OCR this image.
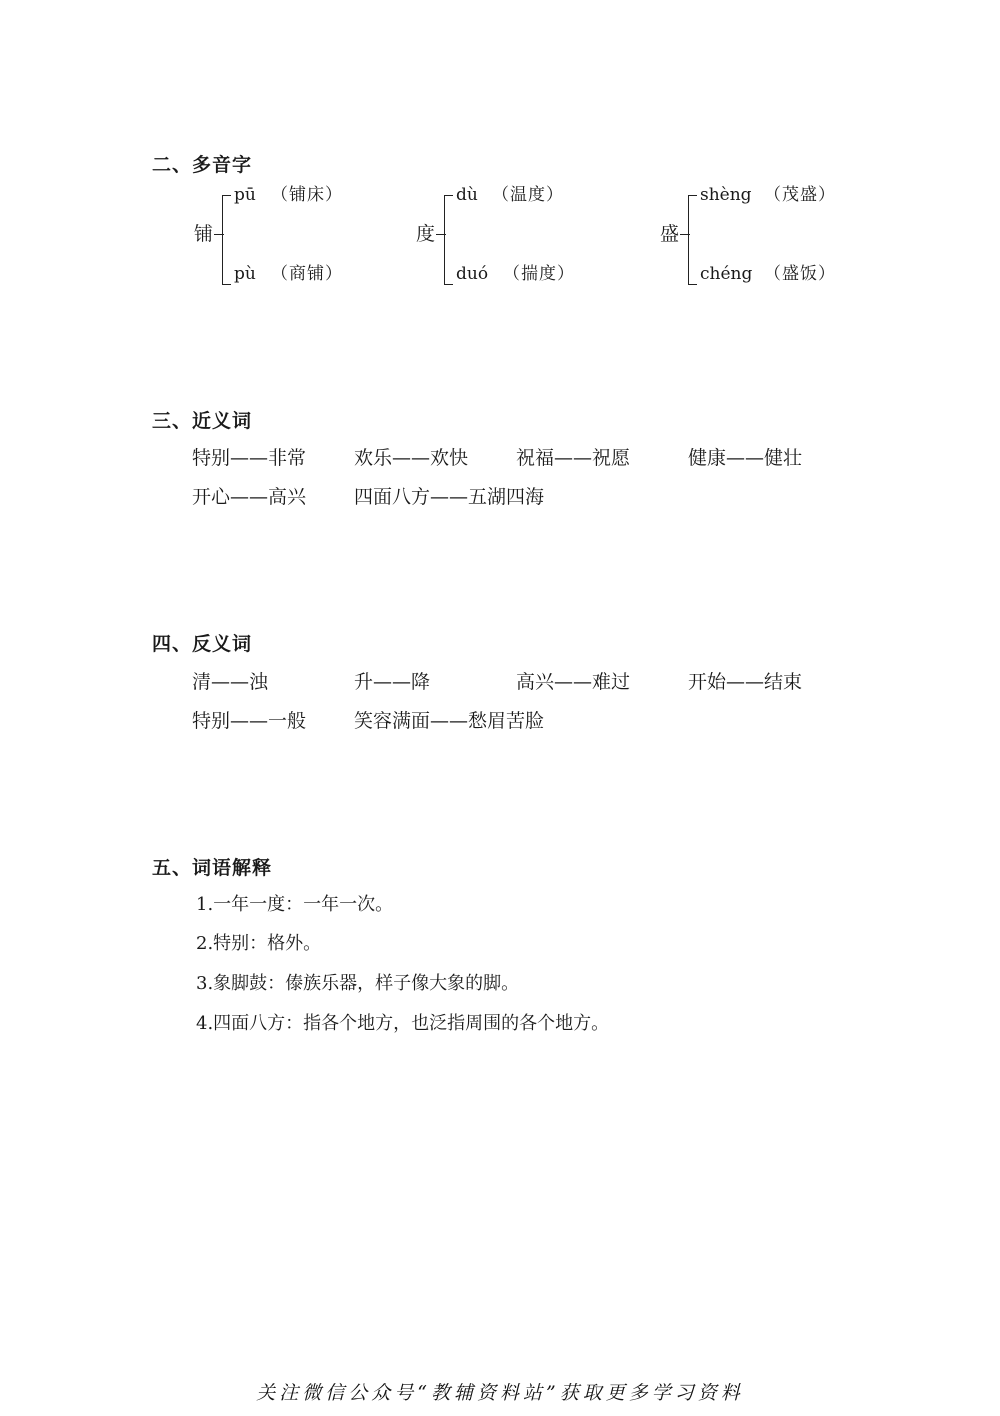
二、多音字
铺
pū （铺床）
pù （商铺）
度
dù （温度）
duó （揣度）
盛
shèng （茂盛）
chéng （盛饭）
三、近义词
特别——非常	欢乐——欢快	祝福——祝愿	健康——健壮
开心——高兴	四面八方——五湖四海
四、反义词
清——浊	升——降	高兴——难过	开始——结束
特别——一般	笑容满面——愁眉苦脸
五、词语解释
1.一年一度：一年一次。
2.特别：格外。
3.象脚鼓：傣族乐器，样子像大象的脚。
4.四面八方：指各个地方，也泛指周围的各个地方。
关注微信公众号“教辅资料站”获取更多学习资料
